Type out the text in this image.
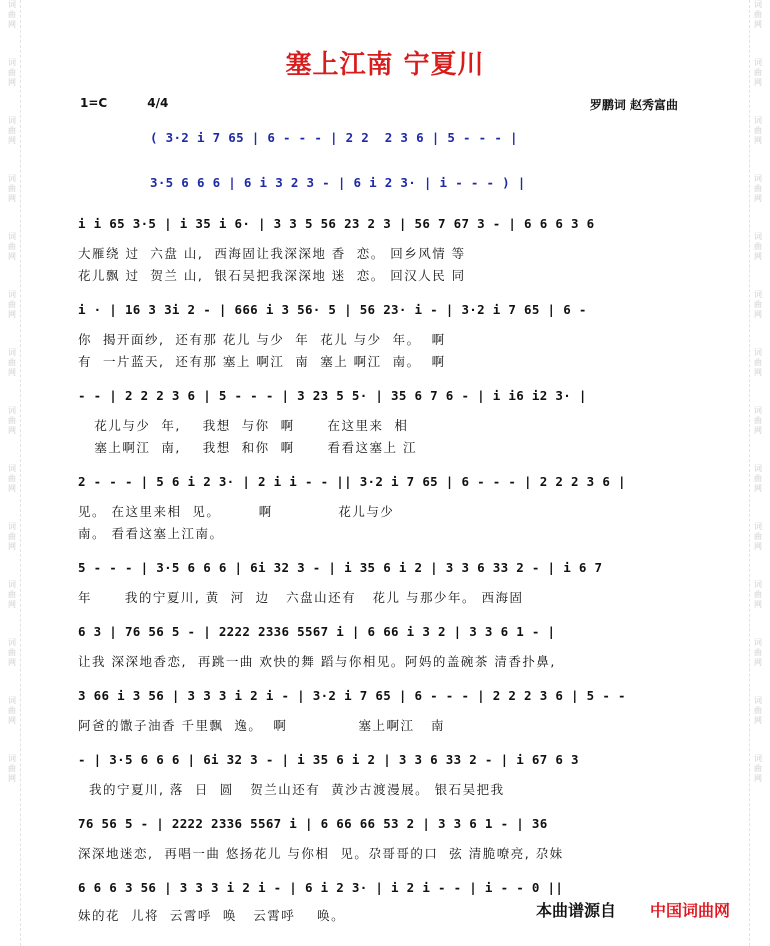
词
曲
网
词
曲
网
词
曲
网
词
曲
网
词
曲
网
词
曲
网
词
曲
网
词
曲
网
词
曲
网
词
曲
网
词
曲
网
词
曲
网
词
曲
网
词
曲
网
词
曲
网
词
曲
网
词
曲
网
词
曲
网
词
曲
网
词
曲
网
词
曲
网
词
曲
网
词
曲
网
词
曲
网
词
曲
网
词
曲
网
词
曲
网
词
曲
网
塞上江南 宁夏川
1=C	4/4	罗鹏词 赵秀富曲
( 3·2 i 7 65 | 6 - - - | 2 2  2 3 6 | 5 - - - |
3·5 6 6 6 | 6 i 3 2 3 - | 6 i 2 3· | i - - - ) |
i i 65 3·5 | i 35 i 6· | 3 3 5 56 23 2 3 | 56 7 67 3 - | 6 6 6 3 6
大雁绕 过  六盘 山,  西海固让我深深地 香  恋。 回乡风情 等
花儿飘 过  贺兰 山,  银石吴把我深深地 迷  恋。 回汉人民 同
i · | 16 3 3i 2 - | 666 i 3 56· 5 | 56 23· i - | 3·2 i 7 65 | 6 -
你  揭开面纱,  还有那 花儿 与少  年  花儿 与少  年。  啊
有  一片蓝天,  还有那 塞上 啊江  南  塞上 啊江  南。  啊
- - | 2 2 2 3 6 | 5 - - - | 3 23 5 5· | 35 6 7 6 - | i i6 i2 3· |
花儿与少  年,    我想  与你  啊      在这里来  相
塞上啊江  南,    我想  和你  啊      看看这塞上 江
2 - - - | 5 6 i 2 3· | 2 i i - - || 3·2 i 7 65 | 6 - - - | 2 2 2 3 6 |
见。 在这里来相  见。       啊            花儿与少
南。 看看这塞上江南。
5 - - - | 3·5 6 6 6 | 6i 32 3 - | i 35 6 i 2 | 3 3 6 33 2 - | i 6 7
年      我的宁夏川, 黄  河  边   六盘山还有   花儿 与那少年。 西海固
6 3 | 76 56 5 - | 2222 2336 5567 i | 6 66 i 3 2 | 3 3 6 1 - |
让我 深深地香恋,  再跳一曲 欢快的舞 蹈与你相见。阿妈的盖碗茶 清香扑鼻,
3 66 i 3 56 | 3 3 3 i 2 i - | 3·2 i 7 65 | 6 - - - | 2 2 2 3 6 | 5 - -
阿爸的馓子油香 千里飘  逸。  啊             塞上啊江   南
- | 3·5 6 6 6 | 6i 32 3 - | i 35 6 i 2 | 3 3 6 33 2 - | i 67 6 3
我的宁夏川, 落  日  圆   贺兰山还有  黄沙古渡漫展。 银石吴把我
76 56 5 - | 2222 2336 5567 i | 6 66 66 53 2 | 3 3 6 1 - | 36
深深地迷恋,  再唱一曲 悠扬花儿 与你相  见。尕哥哥的口  弦 清脆嘹亮, 尕妹
6 6 6 3 56 | 3 3 3 i 2 i - | 6 i 2 3· | i 2 i - - | i - - 0 ||
妹的花  儿将  云霄呼  唤   云霄呼    唤。	本曲谱源自 中国词曲网
